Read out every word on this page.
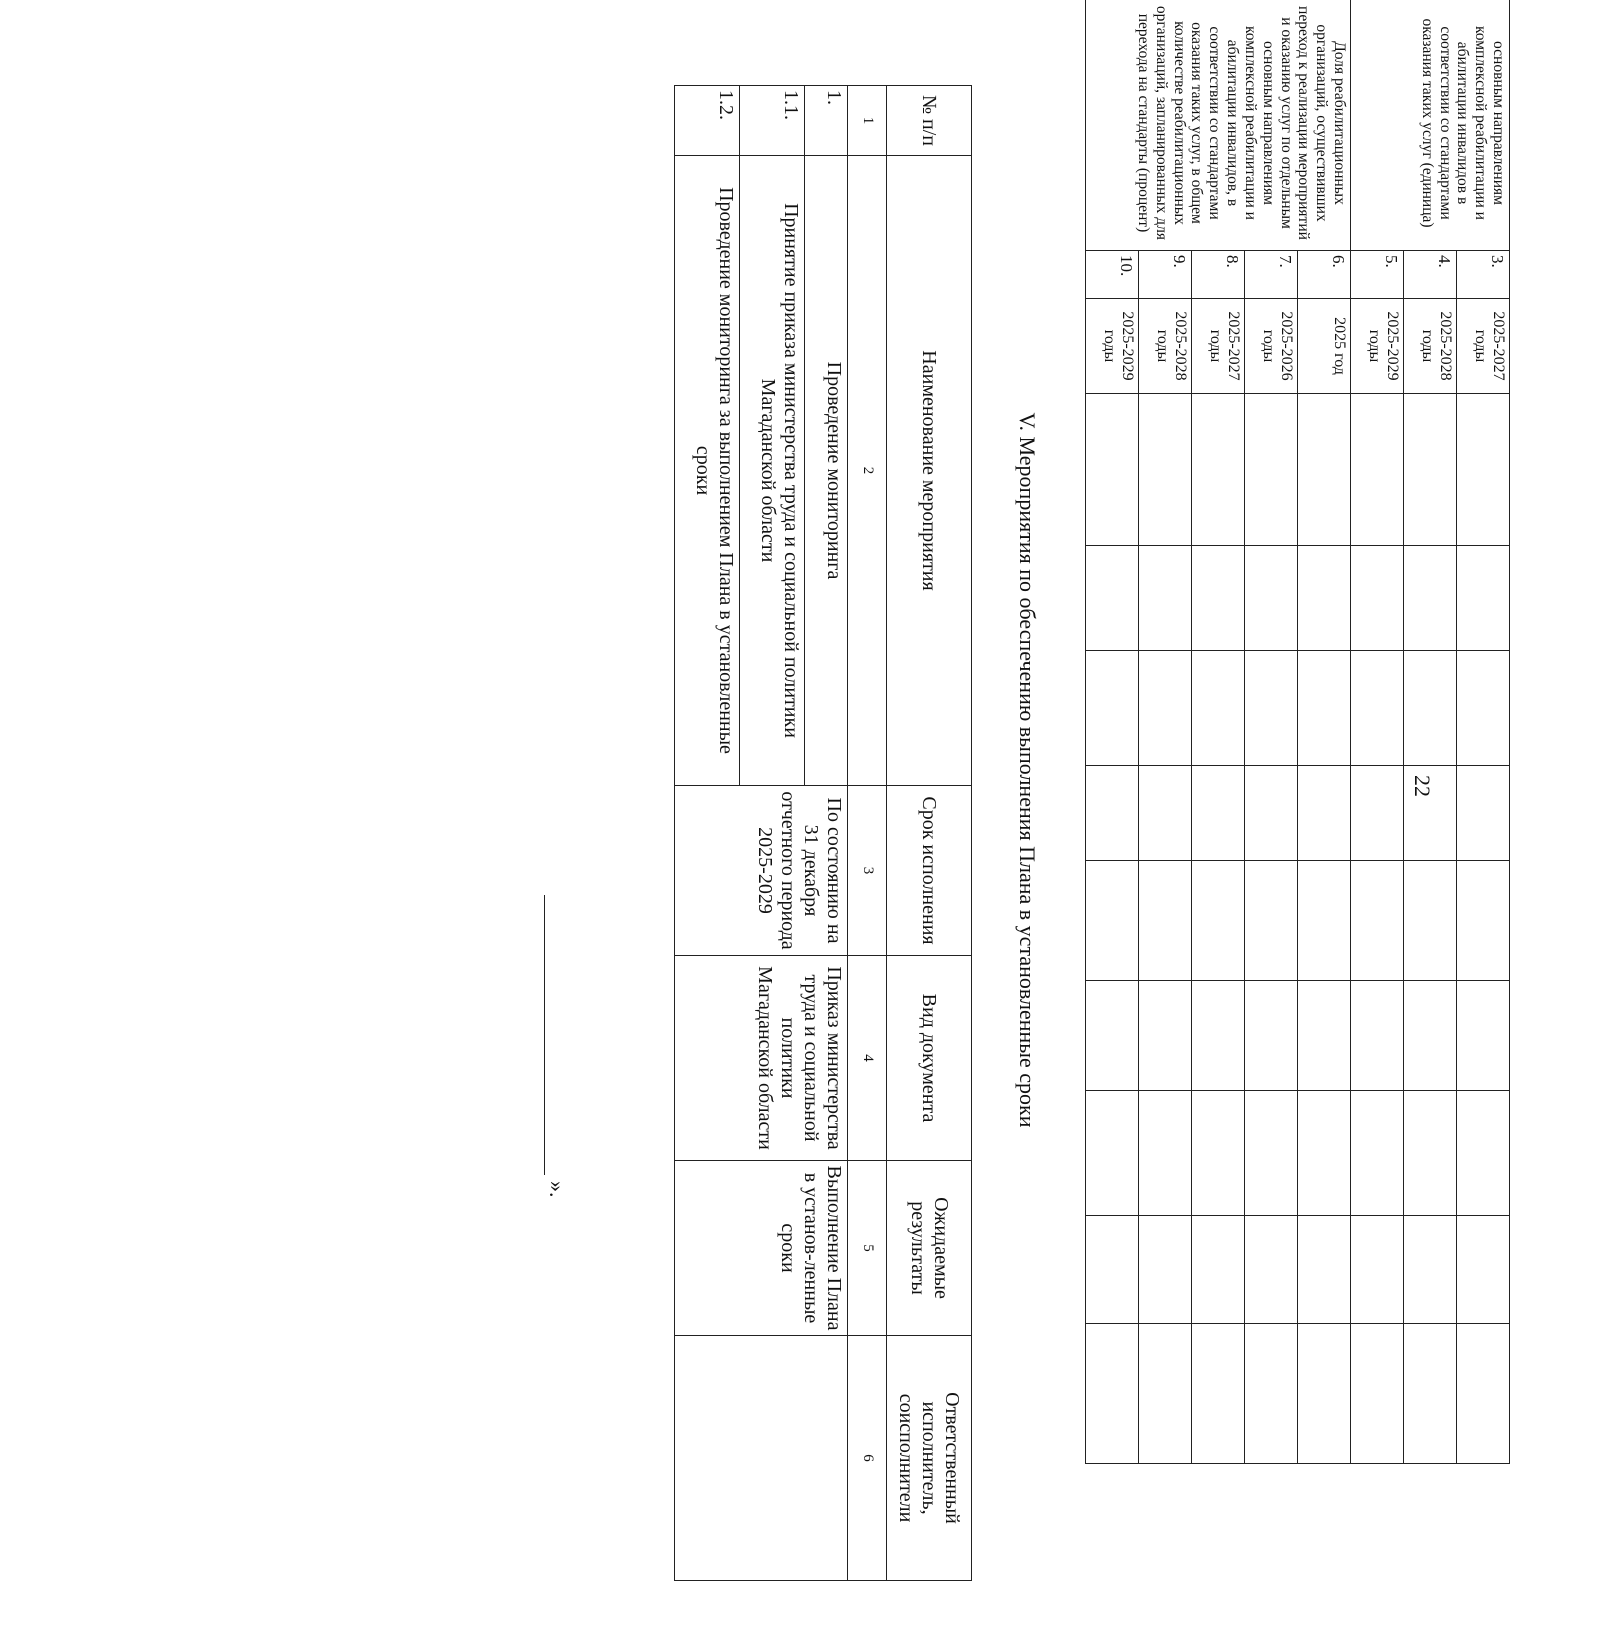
22
основным направлениям комплексной реабилитации и абилитации инвалидов в соответствии со стандартами оказания таких услуг (единица)	3.	2025-2027 годы									
	4.	2025-2028 годы									
	5.	2025-2029 годы									
Доля реабилитационных организаций, осуществивших переход к реализации мероприятий и оказанию услуг по отдельным основным направлениям комплексной реабилитации и абилитации инвалидов, в соответствии со стандартами оказания таких услуг, в общем количестве реабилитационных организаций, запланированных для перехода на стандарты (процент)	6.	2025 год									
	7.	2025-2026 годы									
	8.	2025-2027 годы									
	9.	2025-2028 годы									
	10.	2025-2029 годы									
V. Мероприятия по обеспечению выполнения Плана в установленные сроки
№ п/п	Наименование мероприятия	Срок исполнения	Вид документа	Ожидаемые результаты	Ответственный исполнитель, соисполнители
1	2	3	4	5	6
1.	Проведение мониторинга	По состоянию на 31 декабря отчетного периода 2025-2029	Приказ министерства труда и социальной политики Магаданской области	Выполнение Плана в установ-ленные сроки	
1.1.	Принятие приказа министерства труда и социальной политики Магаданской области				
1.2.	Проведение мониторинга за выполнением Плана в установленные сроки				
».
